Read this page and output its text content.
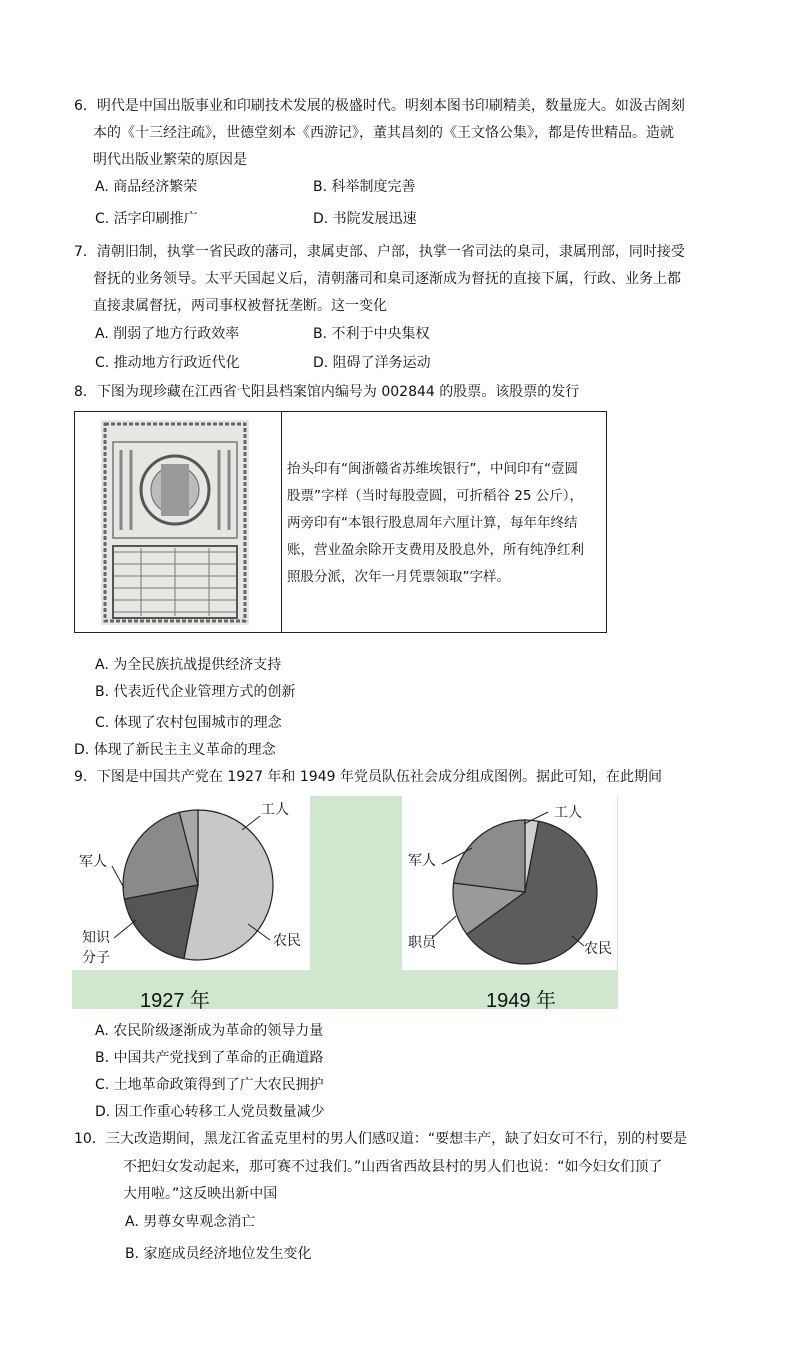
6．明代是中国出版事业和印刷技术发展的极盛时代。明刻本图书印刷精美，数量庞大。如汲古阁刻
本的《十三经注疏》，世德堂刻本《西游记》，董其昌刻的《王文恪公集》，都是传世精品。造就
明代出版业繁荣的原因是
A. 商品经济繁荣	B. 科举制度完善
C. 活字印刷推广	D. 书院发展迅速
7．清朝旧制，执掌一省民政的藩司，隶属吏部、户部，执掌一省司法的臬司，隶属刑部，同时接受
督抚的业务领导。太平天国起义后，清朝藩司和臬司逐渐成为督抚的直接下属，行政、业务上都
直接隶属督抚，两司事权被督抚垄断。这一变化
A. 削弱了地方行政效率	B. 不利于中央集权
C. 推动地方行政近代化	D. 阻碍了洋务运动
8．下图为现珍藏在江西省弋阳县档案馆内编号为 002844 的股票。该股票的发行
抬头印有“闽浙赣省苏维埃银行”，中间印有“壹圆股票”字样（当时每股壹圆，可折稻谷 25 公斤），两旁印有“本银行股息周年六厘计算，每年年终结账，营业盈余除开支费用及股息外，所有纯净红利照股分派，次年一月凭票领取”字样。
A. 为全民族抗战提供经济支持
B. 代表近代企业管理方式的创新
C. 体现了农村包围城市的理念
D. 体现了新民主主义革命的理念
9．下图是中国共产党在 1927 年和 1949 年党员队伍社会成分组成图例。据此可知，在此期间
工人
军人
知识
分子
农民
工人
军人
职员	农民
1927 年	1949 年
A. 农民阶级逐渐成为革命的领导力量
B. 中国共产党找到了革命的正确道路
C. 土地革命政策得到了广大农民拥护
D. 因工作重心转移工人党员数量减少
10．三大改造期间，黑龙江省孟克里村的男人们感叹道：“要想丰产，缺了妇女可不行，别的村要是
不把妇女发动起来，那可赛不过我们。”山西省西故县村的男人们也说：“如今妇女们顶了
大用啦。”这反映出新中国
A. 男尊女卑观念消亡
B. 家庭成员经济地位发生变化
